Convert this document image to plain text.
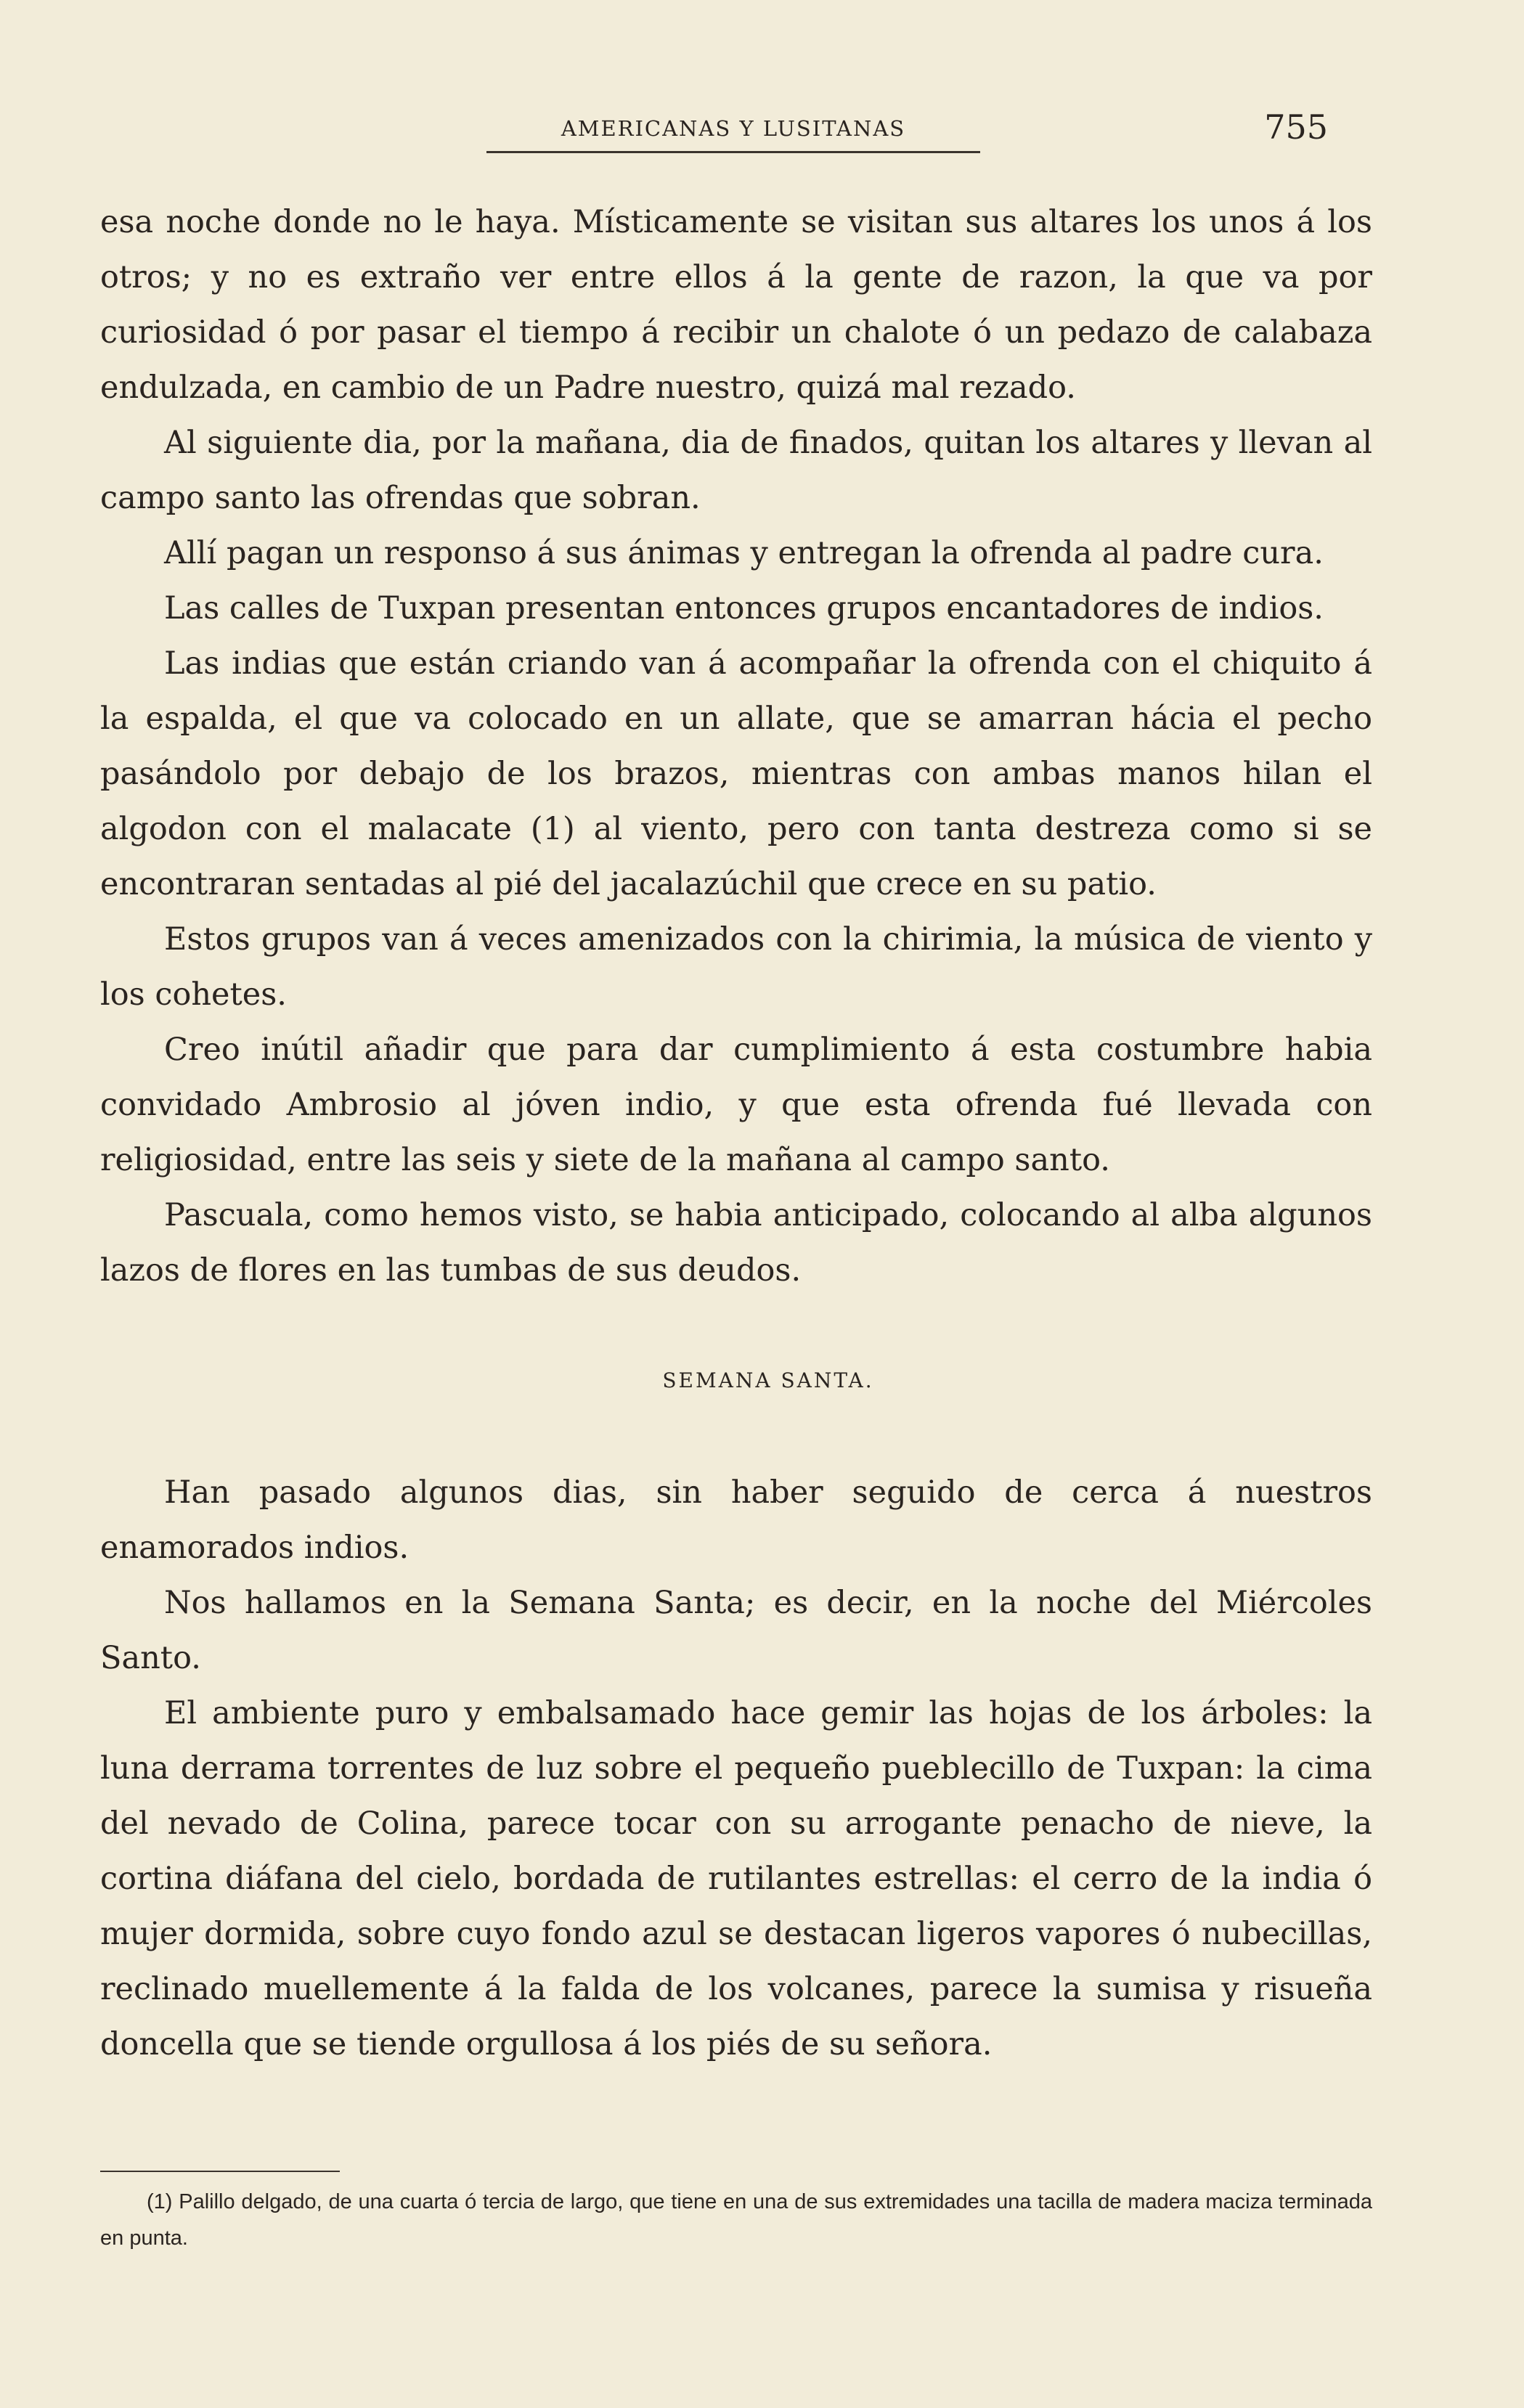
AMERICANAS Y LUSITANAS	755

esa noche donde no le haya. Místicamente se visitan sus altares los unos á los otros; y no es extraño ver entre ellos á la gente de razon, la que va por curiosidad ó por pasar el tiempo á recibir un chalote ó un pedazo de calabaza endulzada, en cambio de un Padre nuestro, quizá mal rezado.

Al siguiente dia, por la mañana, dia de finados, quitan los altares y llevan al campo santo las ofrendas que sobran.

Allí pagan un responso á sus ánimas y entregan la ofrenda al padre cura.

Las calles de Tuxpan presentan entonces grupos encantadores de indios.

Las indias que están criando van á acompañar la ofrenda con el chiquito á la espalda, el que va colocado en un allate, que se amarran hácia el pecho pasándolo por debajo de los brazos, mientras con ambas manos hilan el algodon con el malacate (1) al viento, pero con tanta destreza como si se encontraran sentadas al pié del jacalazúchil que crece en su patio.

Estos grupos van á veces amenizados con la chirimia, la música de viento y los cohetes.

Creo inútil añadir que para dar cumplimiento á esta costumbre habia convidado Ambrosio al jóven indio, y que esta ofrenda fué llevada con religiosidad, entre las seis y siete de la mañana al campo santo.

Pascuala, como hemos visto, se habia anticipado, colocando al alba algunos lazos de flores en las tumbas de sus deudos.

SEMANA SANTA.

Han pasado algunos dias, sin haber seguido de cerca á nuestros enamorados indios.

Nos hallamos en la Semana Santa; es decir, en la noche del Miércoles Santo.

El ambiente puro y embalsamado hace gemir las hojas de los árboles: la luna derrama torrentes de luz sobre el pequeño pueblecillo de Tuxpan: la cima del nevado de Colina, parece tocar con su arrogante penacho de nieve, la cortina diáfana del cielo, bordada de rutilantes estrellas: el cerro de la india ó mujer dormida, sobre cuyo fondo azul se destacan ligeros vapores ó nubecillas, reclinado muellemente á la falda de los volcanes, parece la sumisa y risueña doncella que se tiende orgullosa á los piés de su señora.

(1) Palillo delgado, de una cuarta ó tercia de largo, que tiene en una de sus extremidades una tacilla de madera maciza terminada en punta.
